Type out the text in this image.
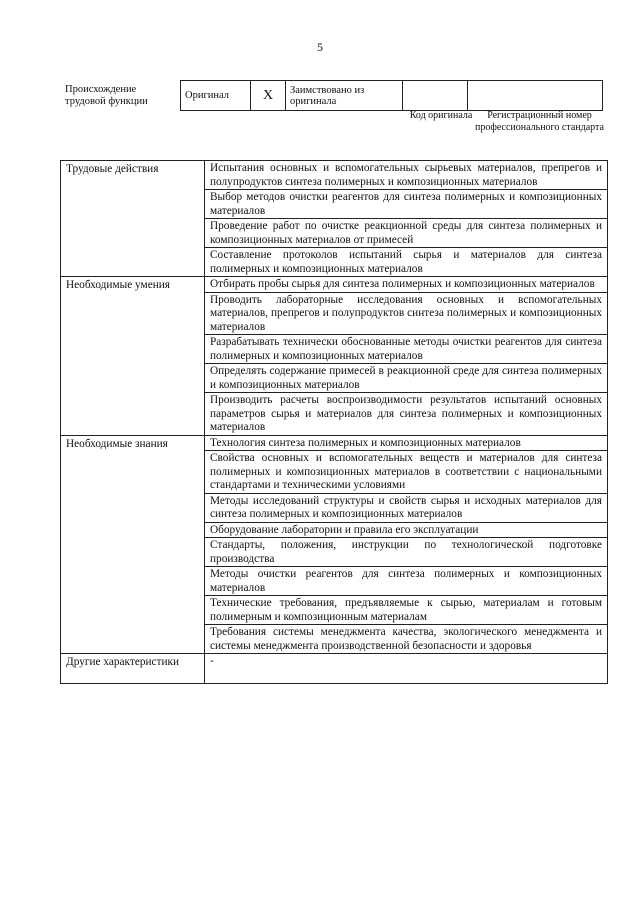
5
Происхождение трудовой функции
Оригинал	X	Заимствовано из оригинала		
Код оригинала	Регистрационный номер профессионального стандарта
Трудовые действия	Испытания основных и вспомогательных сырьевых материалов, препрегов и полупродуктов синтеза полимерных и композиционных материалов
	Выбор методов очистки реагентов для синтеза полимерных и композиционных материалов
	Проведение работ по очистке реакционной среды для синтеза полимерных и композиционных материалов от примесей
	Составление протоколов испытаний сырья и материалов для синтеза полимерных и композиционных материалов
Необходимые умения	Отбирать пробы сырья для синтеза полимерных и композиционных материалов
	Проводить лабораторные исследования основных и вспомогательных материалов, препрегов и полупродуктов синтеза полимерных и композиционных материалов
	Разрабатывать технически обоснованные методы очистки реагентов для синтеза полимерных и композиционных материалов
	Определять содержание примесей в реакционной среде для синтеза полимерных и композиционных материалов
	Производить расчеты воспроизводимости результатов испытаний основных параметров сырья и материалов для синтеза полимерных и композиционных материалов
Необходимые знания	Технология синтеза полимерных и композиционных материалов
	Свойства основных и вспомогательных веществ и материалов для синтеза полимерных и композиционных материалов в соответствии с национальными стандартами и техническими условиями
	Методы исследований структуры и свойств сырья и исходных материалов для синтеза полимерных и композиционных материалов
	Оборудование лаборатории и правила его эксплуатации
	Стандарты, положения, инструкции по технологической подготовке производства
	Методы очистки реагентов для синтеза полимерных и композиционных материалов
	Технические требования, предъявляемые к сырью, материалам и готовым полимерным и композиционным материалам
	Требования системы менеджмента качества, экологического менеджмента и системы менеджмента производственной безопасности и здоровья
Другие характеристики	-
